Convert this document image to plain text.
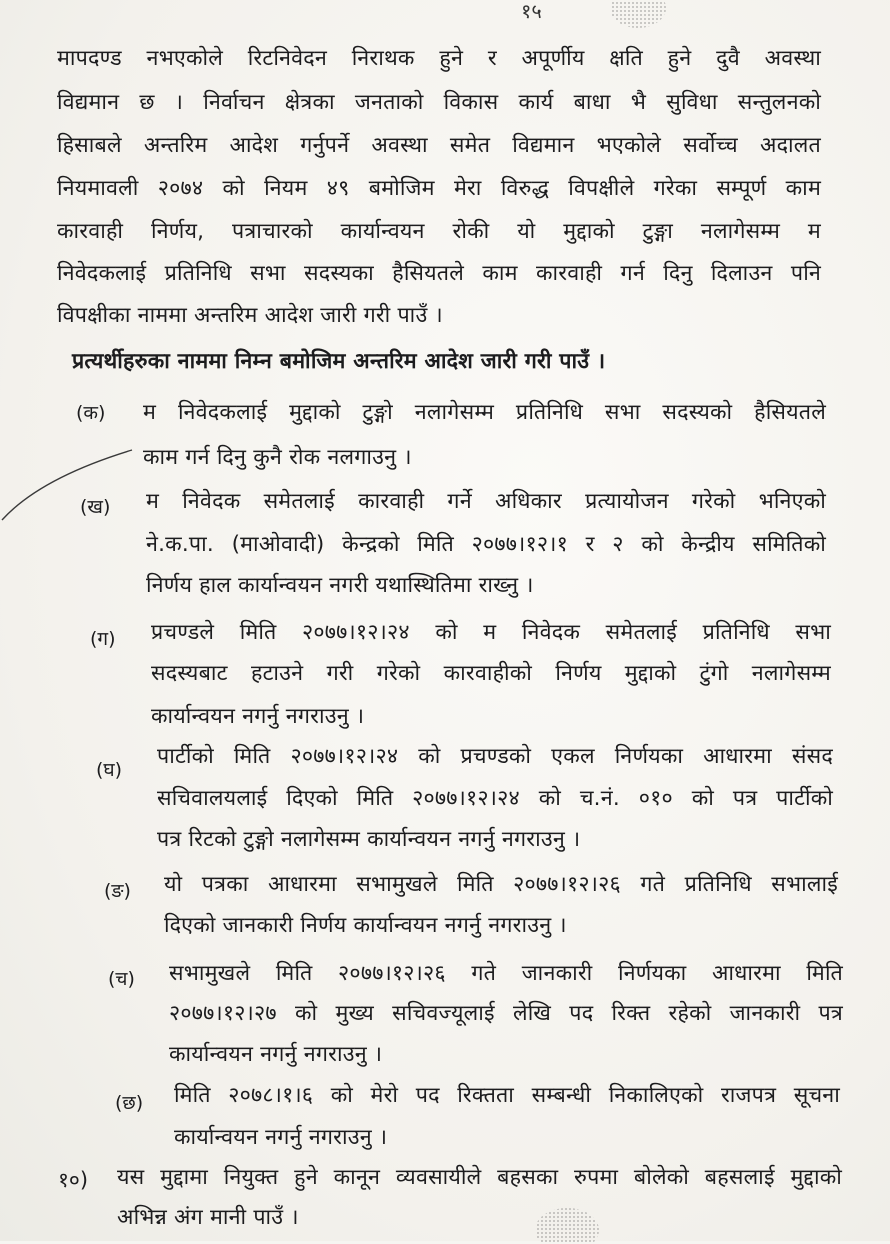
१५
मापदण्ड नभएकोले रिटनिवेदन निराथक हुने र अपूर्णीय क्षति हुने दुवै अवस्था
विद्यमान छ । निर्वाचन क्षेत्रका जनताको विकास कार्य बाधा भै सुविधा सन्तुलनको
हिसाबले अन्तरिम आदेश गर्नुपर्ने अवस्था समेत विद्यमान भएकोले सर्वोच्च अदालत
नियमावली २०७४ को नियम ४९ बमोजिम मेरा विरुद्ध विपक्षीले गरेका सम्पूर्ण काम
कारवाही निर्णय, पत्राचारको कार्यान्वयन रोकी यो मुद्दाको टुङ्गा नलागेसम्म म
निवेदकलाई प्रतिनिधि सभा सदस्यका हैसियतले काम कारवाही गर्न दिनु दिलाउन पनि
विपक्षीका नाममा अन्तरिम आदेश जारी गरी पाउँ ।
प्रत्यर्थीहरुका नाममा निम्न बमोजिम अन्तरिम आदेश जारी गरी पाउँ ।
(क) म निवेदकलाई मुद्दाको टुङ्गो नलागेसम्म प्रतिनिधि सभा सदस्यको हैसियतले
काम गर्न दिनु कुनै रोक नलगाउनु ।
(ख) म निवेदक समेतलाई कारवाही गर्ने अधिकार प्रत्यायोजन गरेको भनिएको
ने.क.पा. (माओवादी) केन्द्रको मिति २०७७।१२।१ र २ को केन्द्रीय समितिको
निर्णय हाल कार्यान्वयन नगरी यथास्थितिमा राख्नु ।
(ग) प्रचण्डले मिति २०७७।१२।२४ को म निवेदक समेतलाई प्रतिनिधि सभा
सदस्यबाट हटाउने गरी गरेको कारवाहीको निर्णय मुद्दाको टुंगो नलागेसम्म
कार्यान्वयन नगर्नु नगराउनु ।
(घ)
पार्टीको मिति २०७७।१२।२४ को प्रचण्डको एकल निर्णयका आधारमा संसद
सचिवालयलाई दिएको मिति २०७७।१२।२४ को च.नं. ०१० को पत्र पार्टीको
पत्र रिटको टुङ्गो नलागेसम्म कार्यान्वयन नगर्नु नगराउनु ।
(ङ) यो पत्रका आधारमा सभामुखले मिति २०७७।१२।२६ गते प्रतिनिधि सभालाई
दिएको जानकारी निर्णय कार्यान्वयन नगर्नु नगराउनु ।
(च) सभामुखले मिति २०७७।१२।२६ गते जानकारी निर्णयका आधारमा मिति
२०७७।१२।२७ को मुख्य सचिवज्यूलाई लेखि पद रिक्त रहेको जानकारी पत्र
कार्यान्वयन नगर्नु नगराउनु ।
(छ) मिति २०७८।१।६ को मेरो पद रिक्तता सम्बन्धी निकालिएको राजपत्र सूचना
कार्यान्वयन नगर्नु नगराउनु ।
१०) यस मुद्दामा नियुक्त हुने कानून व्यवसायीले बहसका रुपमा बोलेको बहसलाई मुद्दाको
अभिन्न अंग मानी पाउँ ।
